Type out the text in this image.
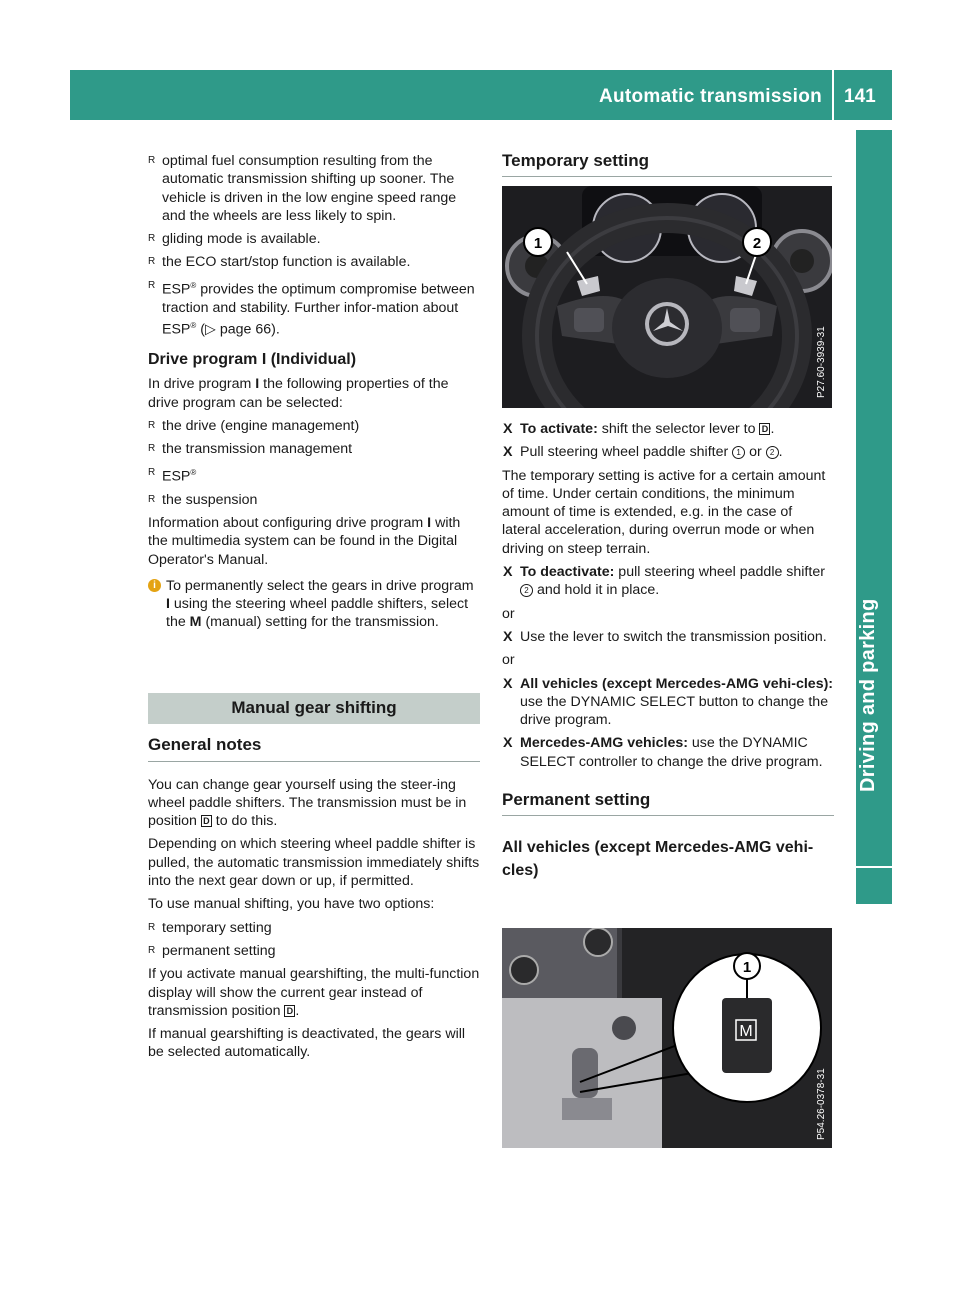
Automatic transmission 141
Driving and parking
R optimal fuel consumption resulting from the automatic transmission shifting up sooner. The vehicle is driven in the low engine speed range and the wheels are less likely to spin.
R gliding mode is available.
R the ECO start/stop function is available.
R ESP® provides the optimum compromise between traction and stability. Further infor-mation about ESP® (▷ page 66).
Drive program I (Individual)

In drive program I the following properties of the drive program can be selected:

R the drive (engine management)
R the transmission management
R ESP®
R the suspension

Information about configuring drive program I with the multimedia system can be found in the Digital Operator's Manual.

i To permanently select the gears in drive program I using the steering wheel paddle shifters, select the M (manual) setting for the transmission.
Manual gear shifting
General notes

You can change gear yourself using the steer-ing wheel paddle shifters. The transmission must be in position D to do this.

Depending on which steering wheel paddle shifter is pulled, the automatic transmission immediately shifts into the next gear down or up, if permitted.

To use manual shifting, you have two options:

R temporary setting
R permanent setting

If you activate manual gearshifting, the multi-function display will show the current gear instead of transmission position D .

If manual gearshifting is deactivated, the gears will be selected automatically.

Temporary setting
1	2
P27.60-3939-31
X To activate: shift the selector lever to D .
X Pull steering wheel paddle shifter 1 or 2 .

The temporary setting is active for a certain amount of time. Under certain conditions, the minimum amount of time is extended, e.g. in the case of lateral acceleration, during overrun mode or when driving on steep terrain.

X To deactivate: pull steering wheel paddle shifter 2 and hold it in place.

or

X Use the lever to switch the transmission position.

or

X All vehicles (except Mercedes-AMG vehi-cles): use the DYNAMIC SELECT button to change the drive program.
X Mercedes-AMG vehicles: use the DYNAMIC SELECT controller to change the drive program.
Permanent setting
All vehicles (except Mercedes-AMG vehi-cles)
M
1
P54.26-0378-31
